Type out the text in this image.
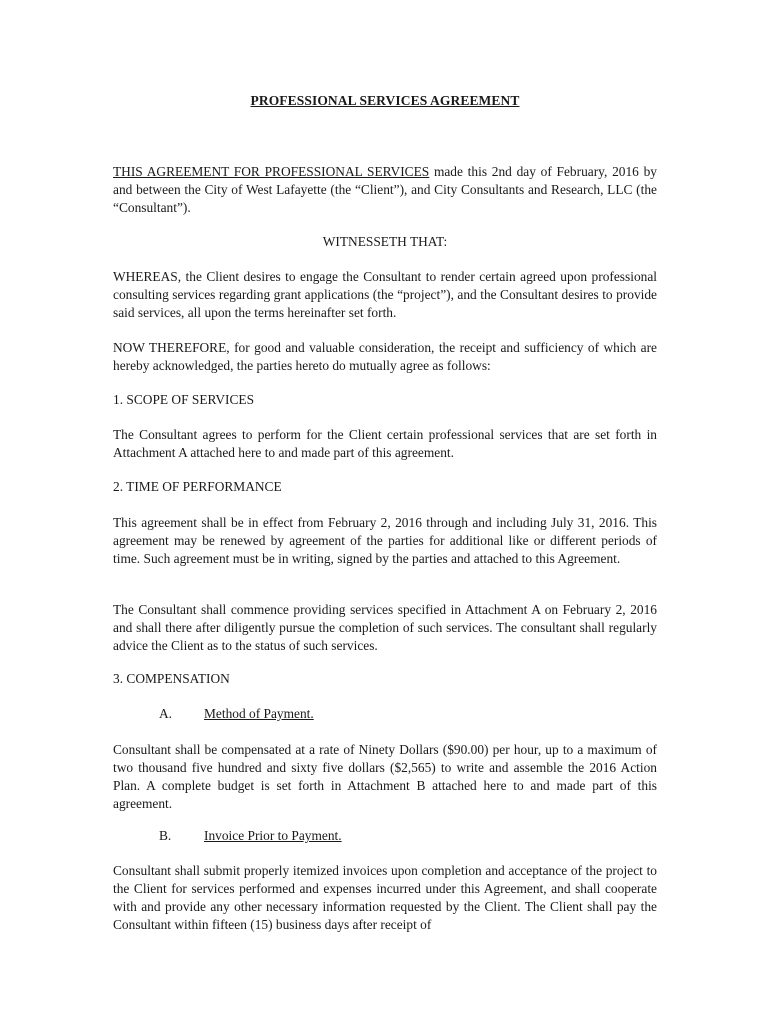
PROFESSIONAL SERVICES AGREEMENT
THIS AGREEMENT FOR PROFESSIONAL SERVICES made this 2nd day of February, 2016 by and between the City of West Lafayette (the “Client”), and City Consultants and Research, LLC (the “Consultant”).
WITNESSETH THAT:
WHEREAS, the Client desires to engage the Consultant to render certain agreed upon professional consulting services regarding grant applications (the “project”), and the Consultant desires to provide said services, all upon the terms hereinafter set forth.
NOW THEREFORE, for good and valuable consideration, the receipt and sufficiency of which are hereby acknowledged, the parties hereto do mutually agree as follows:
1. SCOPE OF SERVICES
The Consultant agrees to perform for the Client certain professional services that are set forth in Attachment A attached here to and made part of this agreement.
2. TIME OF PERFORMANCE
This agreement shall be in effect from February 2, 2016 through and including July 31, 2016. This agreement may be renewed by agreement of the parties for additional like or different periods of time. Such agreement must be in writing, signed by the parties and attached to this Agreement.
The Consultant shall commence providing services specified in Attachment A on February 2, 2016 and shall there after diligently pursue the completion of such services. The consultant shall regularly advice the Client as to the status of such services.
3. COMPENSATION
A. Method of Payment.
Consultant shall be compensated at a rate of Ninety Dollars ($90.00) per hour, up to a maximum of two thousand five hundred and sixty five dollars ($2,565) to write and assemble the 2016 Action Plan. A complete budget is set forth in Attachment B attached here to and made part of this agreement.
B. Invoice Prior to Payment.
Consultant shall submit properly itemized invoices upon completion and acceptance of the project to the Client for services performed and expenses incurred under this Agreement, and shall cooperate with and provide any other necessary information requested by the Client. The Client shall pay the Consultant within fifteen (15) business days after receipt of
